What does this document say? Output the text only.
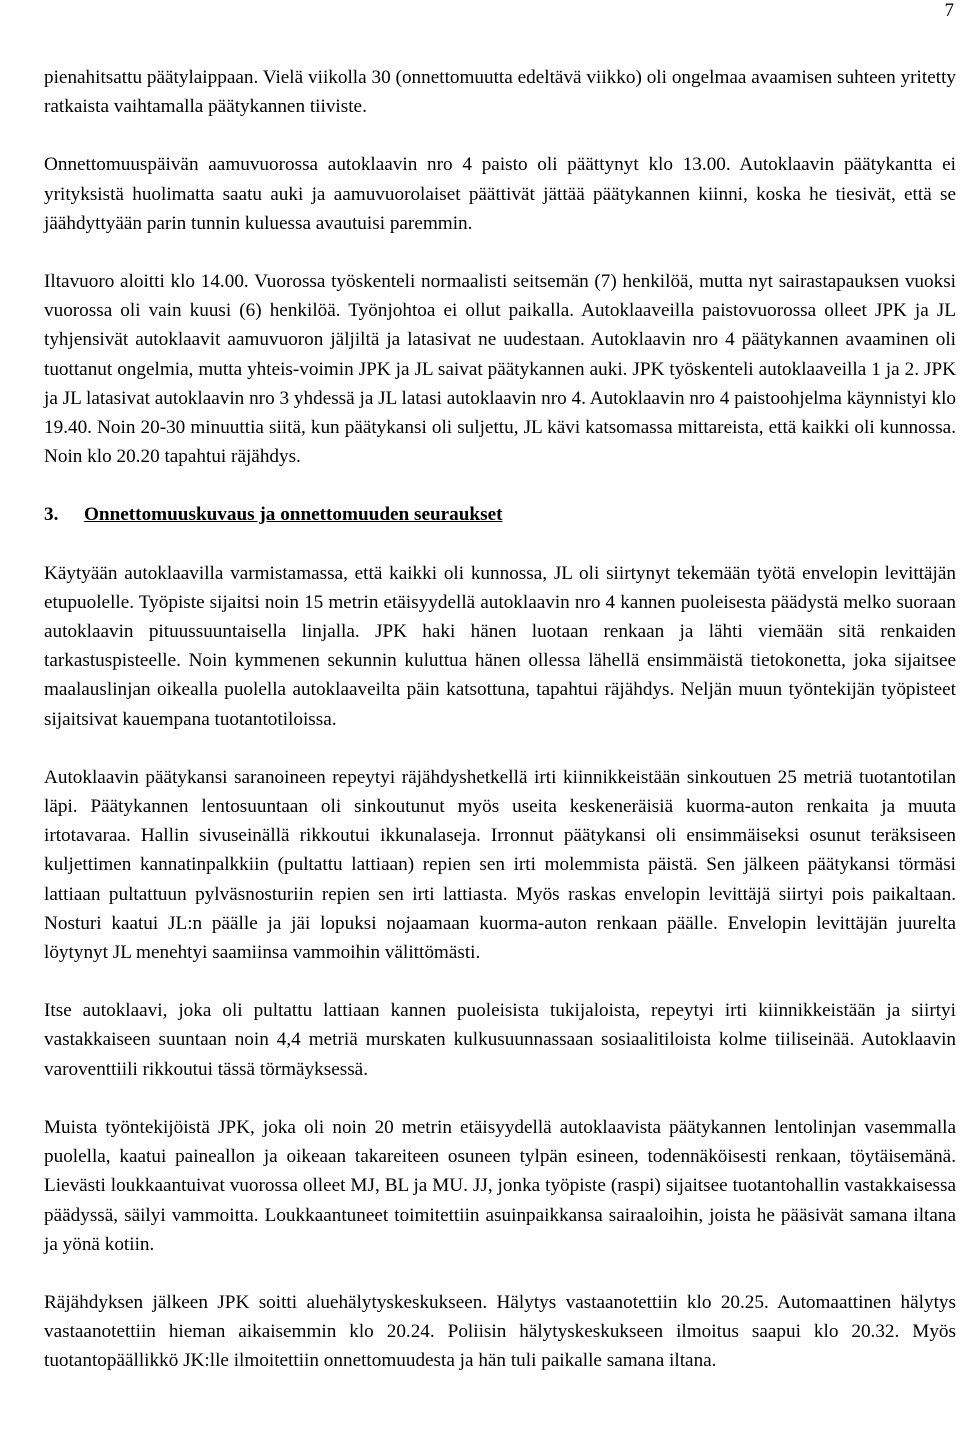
7

pienahitsattu päätylaippaan. Vielä viikolla 30 (onnettomuutta edeltävä viikko) oli ongelmaa avaamisen suhteen yritetty ratkaista vaihtamalla päätykannen tiiviste.

Onnettomuuspäivän aamuvuorossa autoklaavin nro 4 paisto oli päättynyt klo 13.00. Autoklaavin päätykantta ei yrityksistä huolimatta saatu auki ja aamuvuorolaiset päättivät jättää päätykannen kiinni, koska he tiesivät, että se jäähdyttyään parin tunnin kuluessa avautuisi paremmin.

Iltavuoro aloitti klo 14.00. Vuorossa työskenteli normaalisti seitsemän (7) henkilöä, mutta nyt sairastapauksen vuoksi vuorossa oli vain kuusi (6) henkilöä. Työnjohtoa ei ollut paikalla. Autoklaaveilla paistovuorossa olleet JPK ja JL tyhjensivät autoklaavit aamuvuoron jäljiltä ja latasivat ne uudestaan. Autoklaavin nro 4 päätykannen avaaminen oli tuottanut ongelmia, mutta yhteis-voimin JPK ja JL saivat päätykannen auki. JPK työskenteli autoklaaveilla 1 ja 2. JPK ja JL latasivat autoklaavin nro 3 yhdessä ja JL latasi autoklaavin nro 4. Autoklaavin nro 4 paistoohjelma käynnistyi klo 19.40. Noin 20-30 minuuttia siitä, kun päätykansi oli suljettu, JL kävi katsomassa mittareista, että kaikki oli kunnossa. Noin klo 20.20 tapahtui räjähdys.

3.	Onnettomuuskuvaus ja onnettomuuden seuraukset

Käytyään autoklaavilla varmistamassa, että kaikki oli kunnossa, JL oli siirtynyt tekemään työtä envelopin levittäjän etupuolelle. Työpiste sijaitsi noin 15 metrin etäisyydellä autoklaavin nro 4 kannen puoleisesta päädystä melko suoraan autoklaavin pituussuuntaisella linjalla. JPK haki hänen luotaan renkaan ja lähti viemään sitä renkaiden tarkastuspisteelle. Noin kymmenen sekunnin kuluttua hänen ollessa lähellä ensimmäistä tietokonetta, joka sijaitsee maalauslinjan oikealla puolella autoklaaveilta päin katsottuna, tapahtui räjähdys. Neljän muun työntekijän työpisteet sijaitsivat kauempana tuotantotiloissa.

Autoklaavin päätykansi saranoineen repeytyi räjähdyshetkellä irti kiinnikkeistään sinkoutuen 25 metriä tuotantotilan läpi. Päätykannen lentosuuntaan oli sinkoutunut myös useita keskeneräisiä kuorma-auton renkaita ja muuta irtotavaraa. Hallin sivuseinällä rikkoutui ikkunalaseja. Irronnut päätykansi oli ensimmäiseksi osunut teräksiseen kuljettimen kannatinpalkkiin (pultattu lattiaan) repien sen irti molemmista päistä. Sen jälkeen päätykansi törmäsi lattiaan pultattuun pylväsnosturiin repien sen irti lattiasta. Myös raskas envelopin levittäjä siirtyi pois paikaltaan. Nosturi kaatui JL:n päälle ja jäi lopuksi nojaamaan kuorma-auton renkaan päälle. Envelopin levittäjän juurelta löytynyt JL menehtyi saamiinsa vammoihin välittömästi.

Itse autoklaavi, joka oli pultattu lattiaan kannen puoleisista tukijaloista, repeytyi irti kiinnikkeistään ja siirtyi vastakkaiseen suuntaan noin 4,4 metriä murskaten kulkusuunnassaan sosiaalitiloista kolme tiiliseinää. Autoklaavin varoventtiili rikkoutui tässä törmäyksessä.

Muista työntekijöistä JPK, joka oli noin 20 metrin etäisyydellä autoklaavista päätykannen lentolinjan vasemmalla puolella, kaatui paineallon ja oikeaan takareiteen osuneen tylpän esineen, todennäköisesti renkaan, töytäisemänä. Lievästi loukkaantuivat vuorossa olleet MJ, BL ja MU. JJ, jonka työpiste (raspi) sijaitsee tuotantohallin vastakkaisessa päädyssä, säilyi vammoitta. Loukkaantuneet toimitettiin asuinpaikkansa sairaaloihin, joista he pääsivät samana iltana ja yönä kotiin.

Räjähdyksen jälkeen JPK soitti aluehälytyskeskukseen. Hälytys vastaanotettiin klo 20.25. Automaattinen hälytys vastaanotettiin hieman aikaisemmin klo 20.24. Poliisin hälytyskeskukseen ilmoitus saapui klo 20.32. Myös tuotantopäällikkö JK:lle ilmoitettiin onnettomuudesta ja hän tuli paikalle samana iltana.
